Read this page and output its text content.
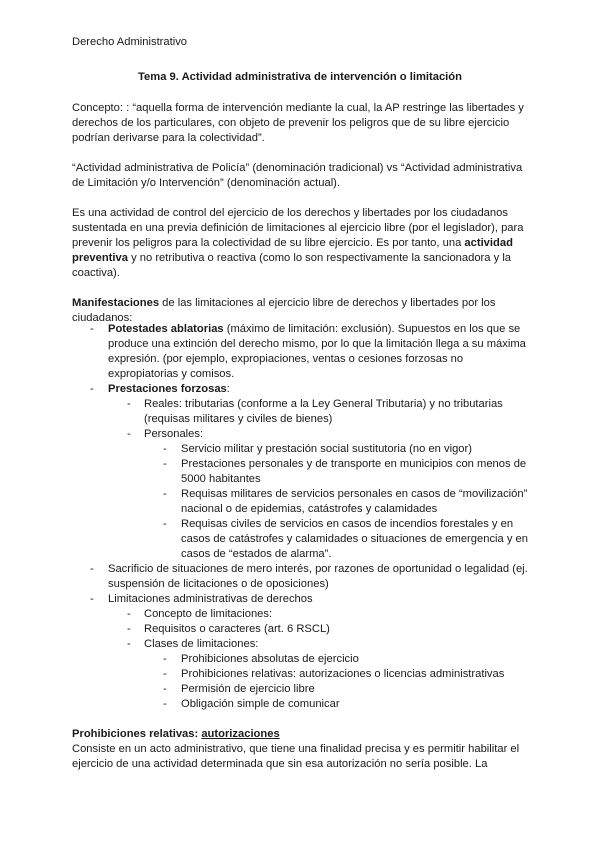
Derecho Administrativo
Tema 9. Actividad administrativa de intervención o limitación
Concepto: : “aquella forma de intervención mediante la cual, la AP restringe las libertades y derechos de los particulares, con objeto de prevenir los peligros que de su libre ejercicio podrían derivarse para la colectividad”.
“Actividad administrativa de Policía” (denominación tradicional) vs “Actividad administrativa de Limitación y/o Intervención” (denominación actual).
Es una actividad de control del ejercicio de los derechos y libertades por los ciudadanos sustentada en una previa definición de limitaciones al ejercicio libre (por el legislador), para prevenir los peligros para la colectividad de su libre ejercicio. Es por tanto, una actividad preventiva y no retributiva o reactiva (como lo son respectivamente la sancionadora y la coactiva).
Manifestaciones de las limitaciones al ejercicio libre de derechos y libertades por los ciudadanos:
- Potestades ablatorias (máximo de limitación: exclusión). Supuestos en los que se produce una extinción del derecho mismo, por lo que la limitación llega a su máxima expresión. (por ejemplo, expropiaciones, ventas o cesiones forzosas no expropiatorias y comisos.
- Prestaciones forzosas:
- Reales: tributarias (conforme a la Ley General Tributaria) y no tributarias (requisas militares y civiles de bienes)
- Personales:
- Servicio militar y prestación social sustitutoria (no en vigor)
- Prestaciones personales y de transporte en municipios con menos de 5000 habitantes
- Requisas militares de servicios personales en casos de “movilización” nacional o de epidemias, catástrofes y calamidades
- Requisas civiles de servicios en casos de incendios forestales y en casos de catástrofes y calamidades o situaciones de emergencia y en casos de “estados de alarma”.
- Sacrificio de situaciones de mero interés, por razones de oportunidad o legalidad (ej. suspensión de licitaciones o de oposiciones)
- Limitaciones administrativas de derechos
- Concepto de limitaciones:
- Requisitos o caracteres (art. 6 RSCL)
- Clases de limitaciones:
- Prohibiciones absolutas de ejercicio
- Prohibiciones relativas: autorizaciones o licencias administrativas
- Permisión de ejercicio libre
- Obligación simple de comunicar
Prohibiciones relativas: autorizaciones
Consiste en un acto administrativo, que tiene una finalidad precisa y es permitir habilitar el ejercicio de una actividad determinada que sin esa autorización no sería posible. La
